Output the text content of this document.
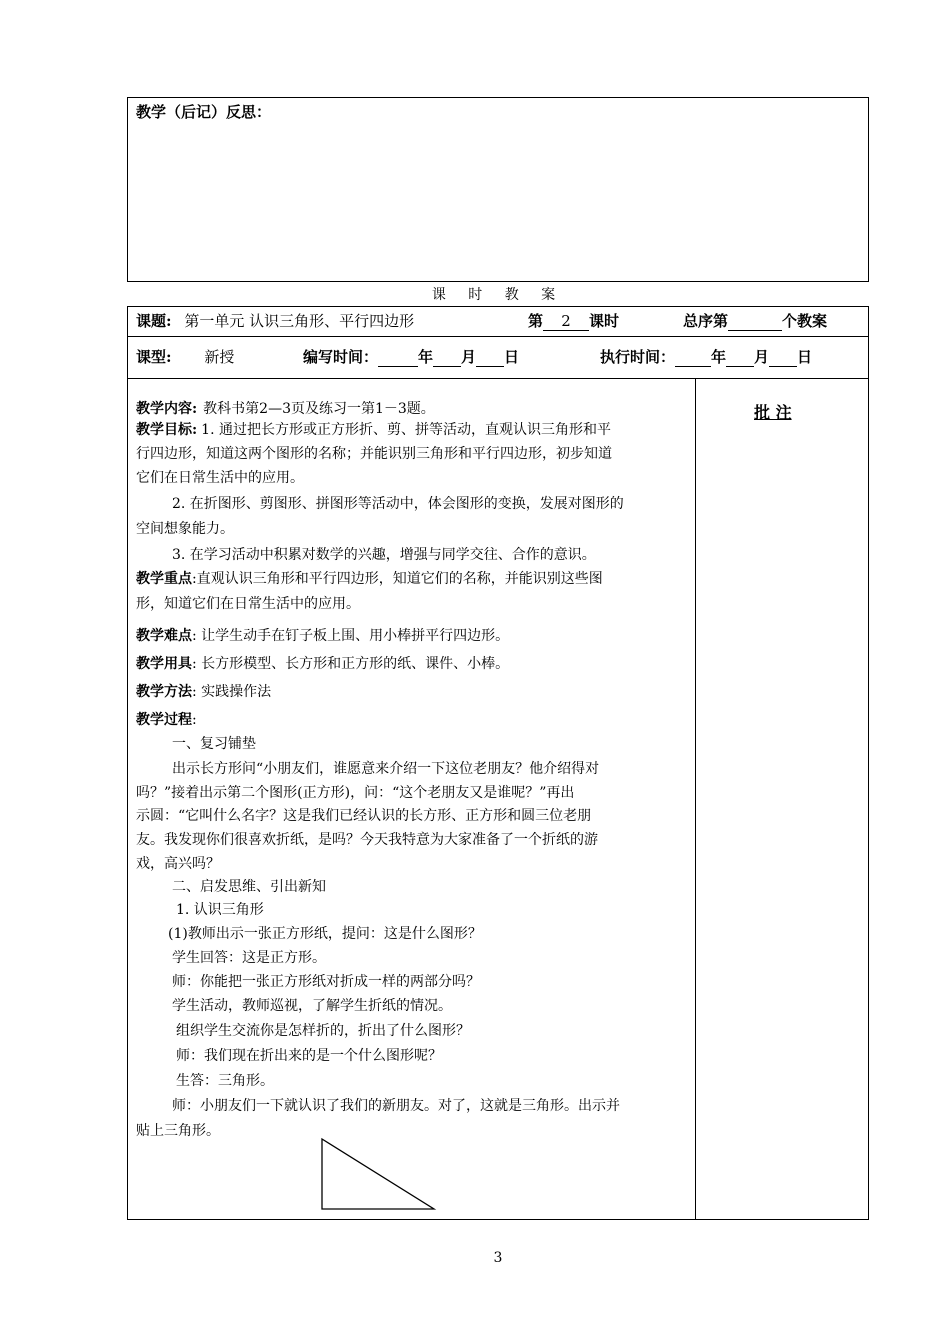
教学（后记）反思：
课 时 教 案
课题: 第一单元 认识三角形、平行四边形	第 2 课时	总序第	个教案
课型: 新授	编写时间：	年 月 日	执行时间： 年 月 日
批 注
教学内容: 教科书第2—3页及练习一第1－3题。
教学目标: 1. 通过把长方形或正方形折、剪、拼等活动，直观认识三角形和平
行四边形，知道这两个图形的名称；并能识别三角形和平行四边形，初步知道
它们在日常生活中的应用。
2. 在折图形、剪图形、拼图形等活动中，体会图形的变换，发展对图形的
空间想象能力。
3. 在学习活动中积累对数学的兴趣，增强与同学交往、合作的意识。
教学重点:直观认识三角形和平行四边形，知道它们的名称，并能识别这些图
形，知道它们在日常生活中的应用。
教学难点: 让学生动手在钉子板上围、用小棒拼平行四边形。
教学用具: 长方形模型、长方形和正方形的纸、课件、小棒。
教学方法: 实践操作法
教学过程:
一、复习铺垫
出示长方形问“小朋友们，谁愿意来介绍一下这位老朋友？他介绍得对
吗？”接着出示第二个图形(正方形)，问：“这个老朋友又是谁呢？”再出
示圆：“它叫什么名字？这是我们已经认识的长方形、正方形和圆三位老朋
友。我发现你们很喜欢折纸，是吗？今天我特意为大家准备了一个折纸的游
戏，高兴吗？
二、启发思维、引出新知
1. 认识三角形
(1)教师出示一张正方形纸，提问：这是什么图形？
学生回答：这是正方形。
师：你能把一张正方形纸对折成一样的两部分吗？
学生活动，教师巡视，了解学生折纸的情况。
组织学生交流你是怎样折的，折出了什么图形？
师：我们现在折出来的是一个什么图形呢？
生答：三角形。
师：小朋友们一下就认识了我们的新朋友。对了，这就是三角形。出示并
贴上三角形。
3
